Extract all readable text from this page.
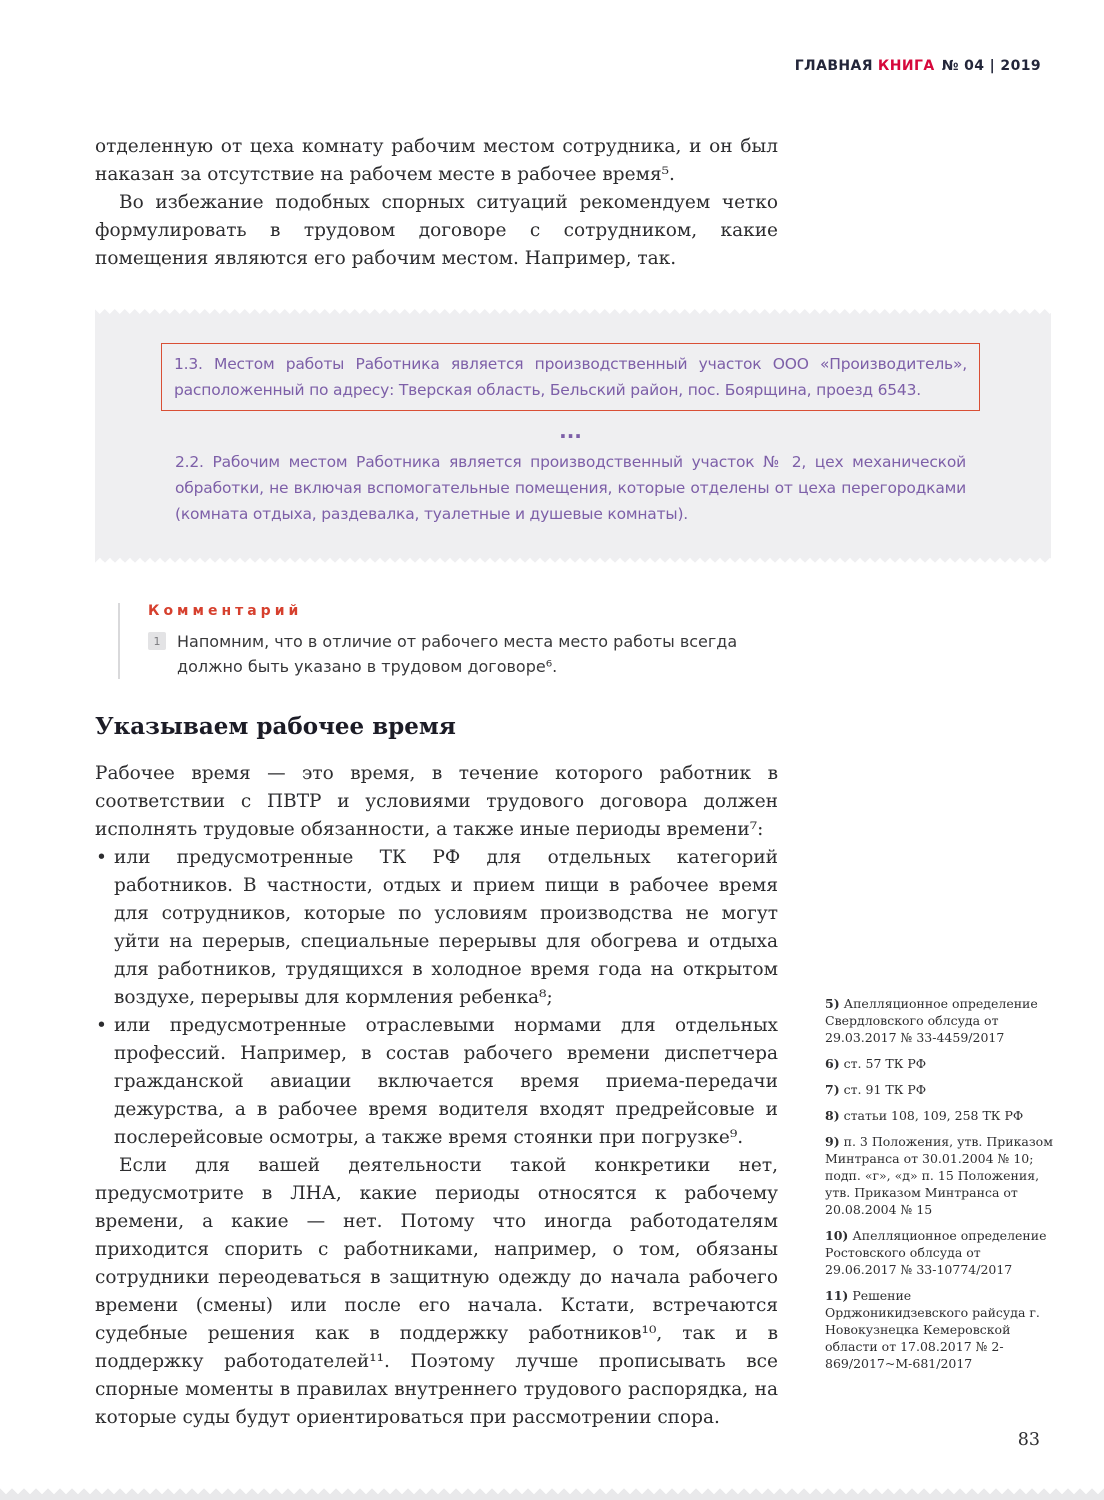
ГЛАВНАЯ КНИГА № 04 | 2019

отделенную от цеха комнату рабочим местом сотрудника, и он был наказан за отсутствие на рабочем месте в рабочее время⁵.

Во избежание подобных спорных ситуаций рекомендуем четко формулировать в трудовом договоре с сотрудником, какие помещения являются его рабочим местом. Например, так.

1.3. Местом работы Работника является производственный участок ООО «Производитель», расположенный по адресу: Тверская область, Бельский район, пос. Боярщина, проезд 6543.

...

2.2. Рабочим местом Работника является производственный участок № 2, цех механической обработки, не включая вспомогательные помещения, которые отделены от цеха перегородками (комната отдыха, раздевалка, туалетные и душевые комнаты).

Комментарий
1	Напомним, что в отличие от рабочего места место работы всегда должно быть указано в трудовом договоре⁶.
Указываем рабочее время

Рабочее время — это время, в течение которого работник в соответствии с ПВТР и условиями трудового договора должен исполнять трудовые обязанности, а также иные периоды времени⁷:

• или предусмотренные ТК РФ для отдельных категорий работников. В частности, отдых и прием пищи в рабочее время для сотрудников, которые по условиям производства не могут уйти на перерыв, специальные перерывы для обогрева и отдыха для работников, трудящихся в холодное время года на открытом воздухе, перерывы для кормления ребенка⁸;
• или предусмотренные отраслевыми нормами для отдельных профессий. Например, в состав рабочего времени диспетчера гражданской авиации включается время приема-передачи дежурства, а в рабочее время водителя входят предрейсовые и послерейсовые осмотры, а также время стоянки при погрузке⁹.

Если для вашей деятельности такой конкретики нет, предусмотрите в ЛНА, какие периоды относятся к рабочему времени, а какие — нет. Потому что иногда работодателям приходится спорить с работниками, например, о том, обязаны сотрудники переодеваться в защитную одежду до начала рабочего времени (смены) или после его начала. Кстати, встречаются судебные решения как в поддержку работников¹⁰, так и в поддержку работодателей¹¹. Поэтому лучше прописывать все спорные моменты в правилах внутреннего трудового распорядка, на которые суды будут ориентироваться при рассмотрении спора.

5) Апелляционное определение Свердловского облсуда от 29.03.2017 № 33-4459/2017
6) ст. 57 ТК РФ
7) ст. 91 ТК РФ
8) статьи 108, 109, 258 ТК РФ
9) п. 3 Положения, утв. Приказом Минтранса от 30.01.2004 № 10; подп. «г», «д» п. 15 Положения, утв. Приказом Минтранса от 20.08.2004 № 15
10) Апелляционное определение Ростовского облсуда от 29.06.2017 № 33-10774/2017
11) Решение Орджоникидзевского райсуда г. Новокузнецка Кемеровской области от 17.08.2017 № 2-869/2017~М-681/2017
83
